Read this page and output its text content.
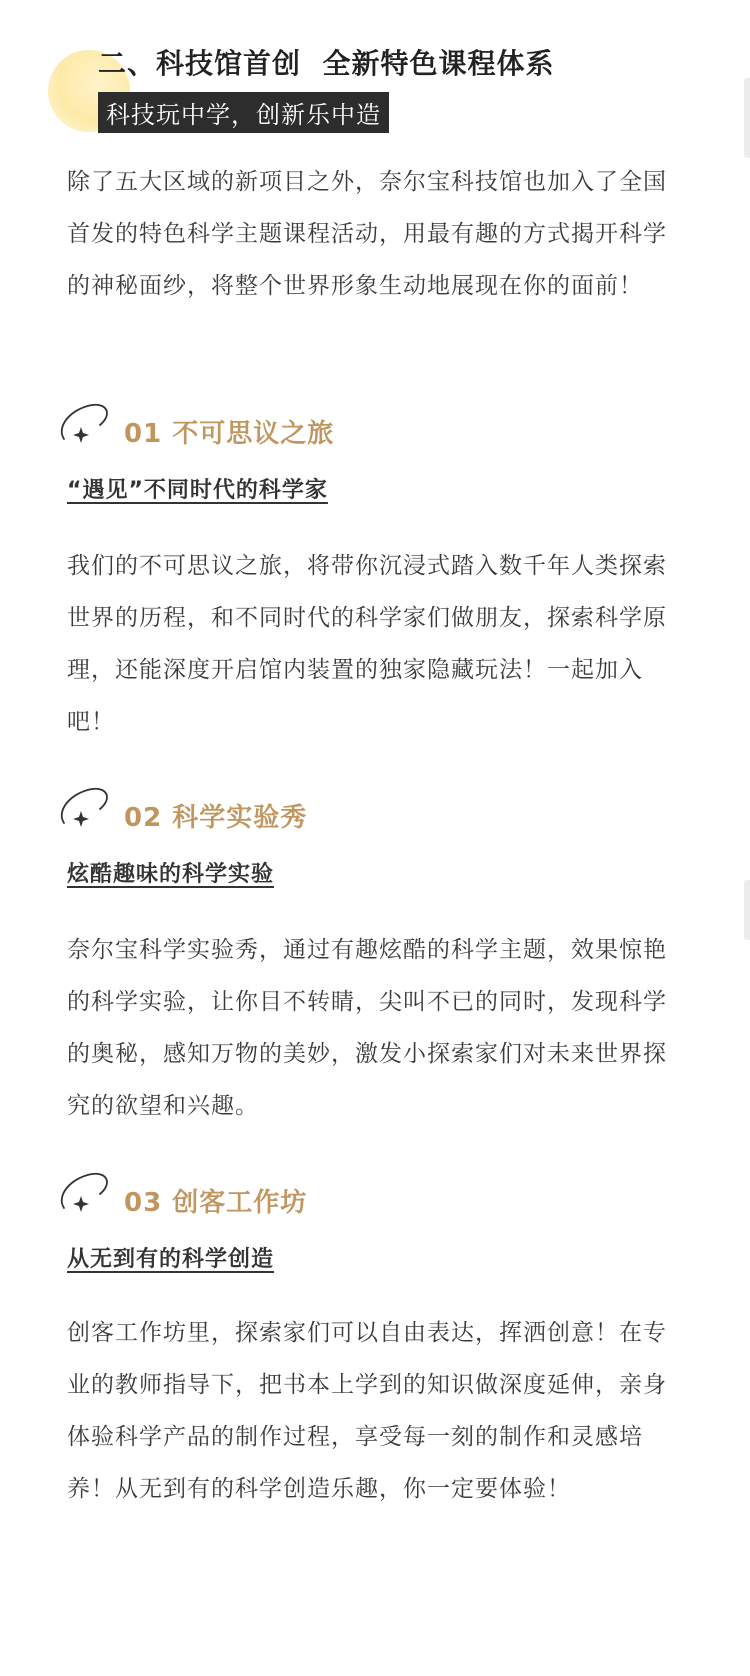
二、科技馆首创  全新特色课程体系
科技玩中学，创新乐中造

除了五大区域的新项目之外，奈尔宝科技馆也加入了全国首发的特色科学主题课程活动，用最有趣的方式揭开科学的神秘面纱，将整个世界形象生动地展现在你的面前！

01 不可思议之旅

“遇见”不同时代的科学家

我们的不可思议之旅，将带你沉浸式踏入数千年人类探索世界的历程，和不同时代的科学家们做朋友，探索科学原理，还能深度开启馆内装置的独家隐藏玩法！一起加入吧！

02 科学实验秀

炫酷趣味的科学实验

奈尔宝科学实验秀，通过有趣炫酷的科学主题，效果惊艳的科学实验，让你目不转睛，尖叫不已的同时，发现科学的奥秘，感知万物的美妙，激发小探索家们对未来世界探究的欲望和兴趣。

03 创客工作坊

从无到有的科学创造

创客工作坊里，探索家们可以自由表达，挥洒创意！在专业的教师指导下，把书本上学到的知识做深度延伸，亲身体验科学产品的制作过程，享受每一刻的制作和灵感培养！从无到有的科学创造乐趣，你一定要体验！
